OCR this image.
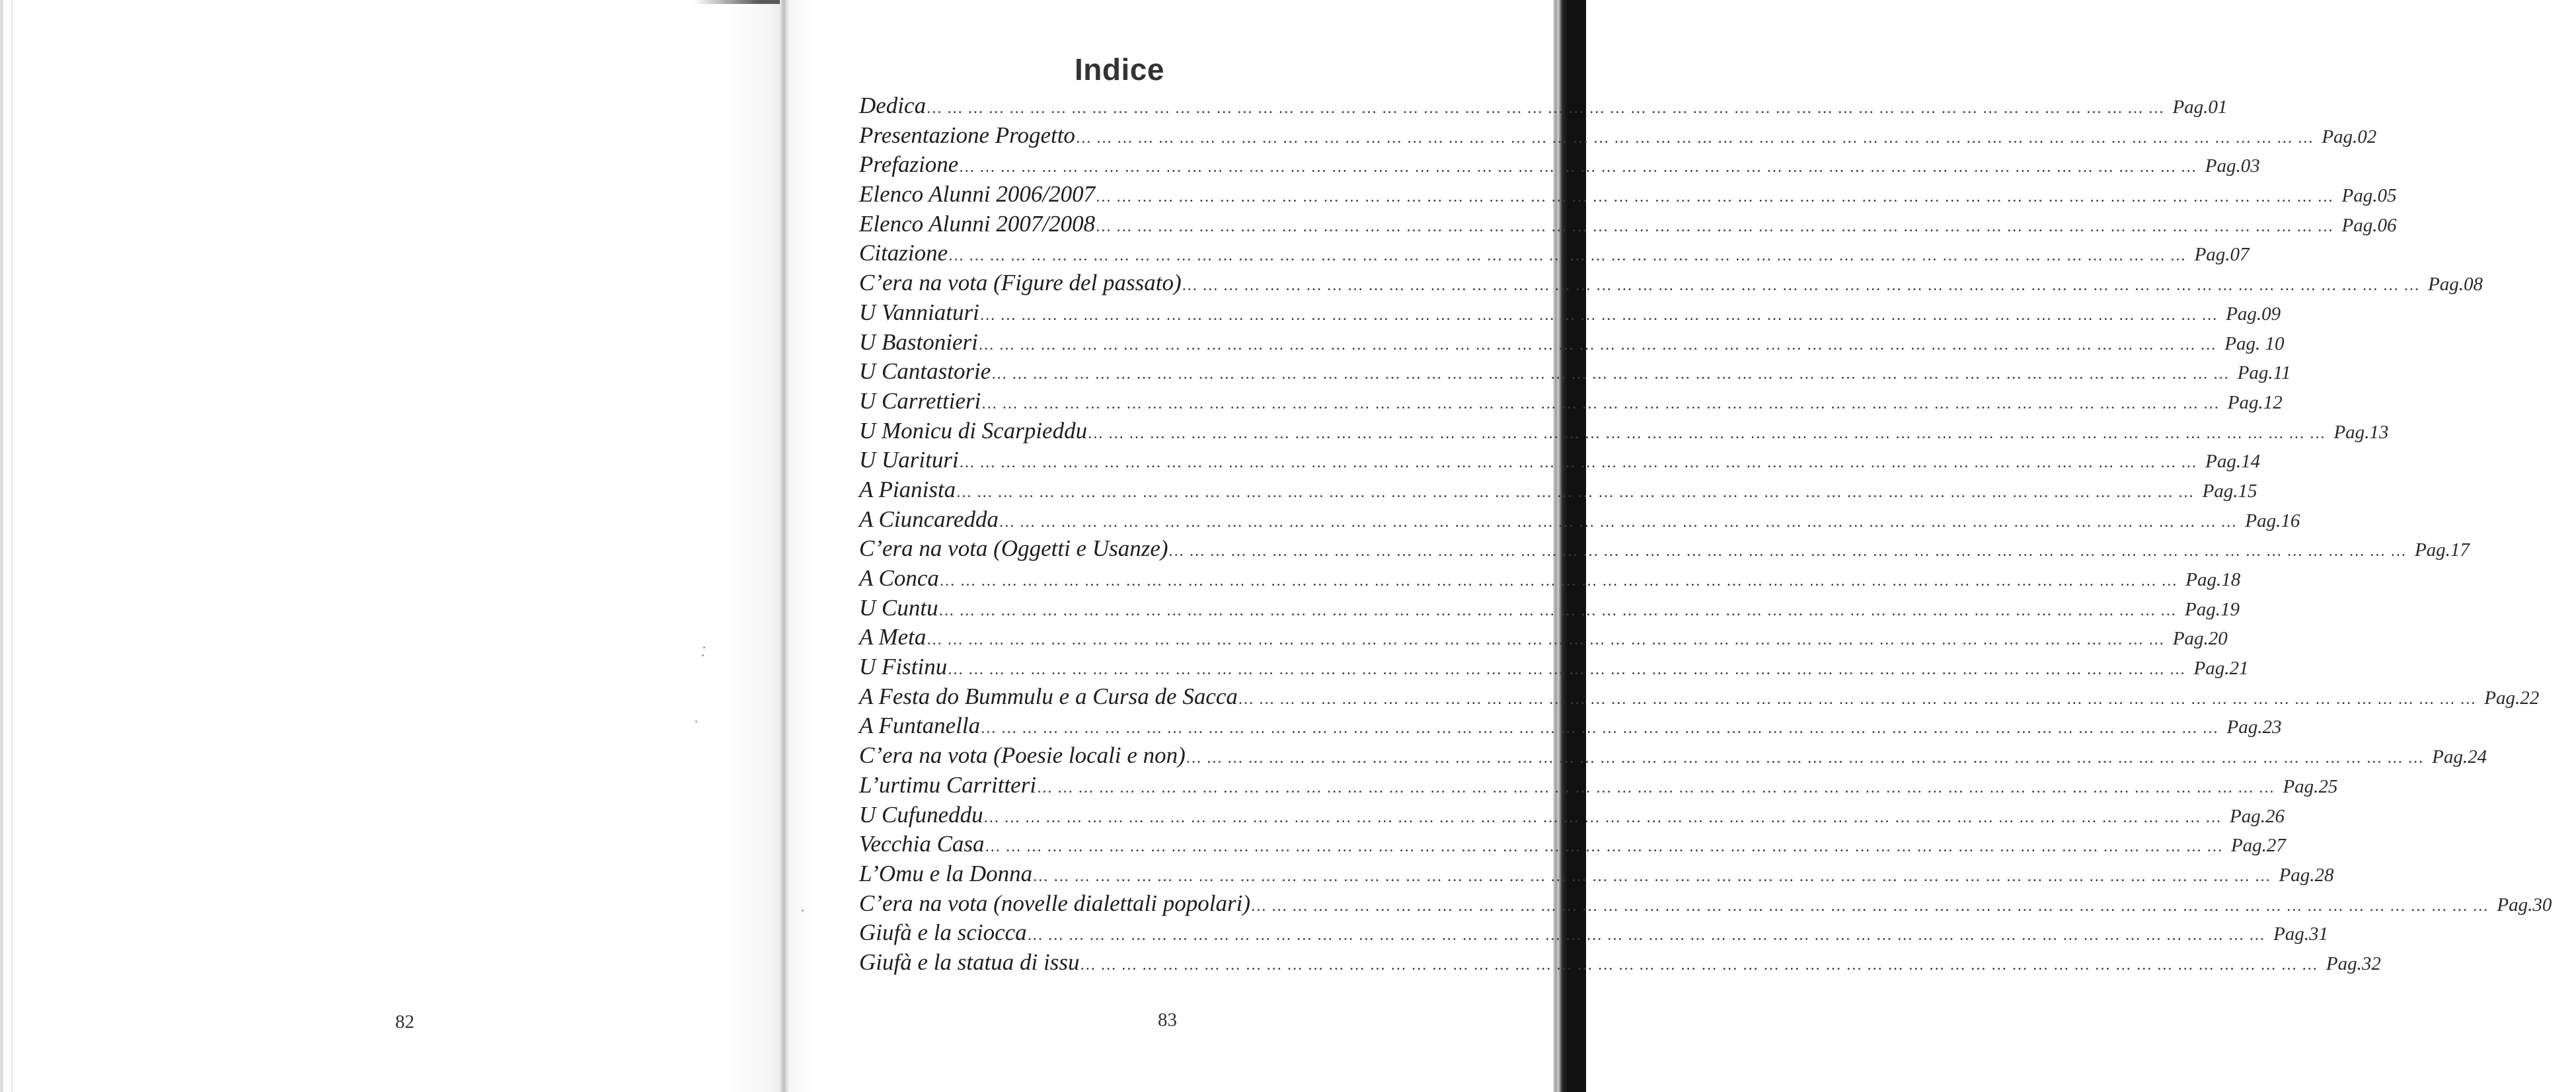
Indice
Dedica … … … … … … … … … … … … … … … … … … … … … … … … … … … … … … … … … … … … … … … … … … … … … … … … … … … … … … … … … … … … Pag.01
Presentazione Progetto … … … … … … … … … … … … … … … … … … … … … … … … … … … … … … … … … … … … … … … … … … … … … … … … … … … … … … … … … … … … Pag.02
Prefazione … … … … … … … … … … … … … … … … … … … … … … … … … … … … … … … … … … … … … … … … … … … … … … … … … … … … … … … … … … … … Pag.03
Elenco Alunni 2006/2007 … … … … … … … … … … … … … … … … … … … … … … … … … … … … … … … … … … … … … … … … … … … … … … … … … … … … … … … … … … … … Pag.05
Elenco Alunni 2007/2008 … … … … … … … … … … … … … … … … … … … … … … … … … … … … … … … … … … … … … … … … … … … … … … … … … … … … … … … … … … … … Pag.06
Citazione … … … … … … … … … … … … … … … … … … … … … … … … … … … … … … … … … … … … … … … … … … … … … … … … … … … … … … … … … … … … Pag.07
C’era na vota (Figure del passato) … … … … … … … … … … … … … … … … … … … … … … … … … … … … … … … … … … … … … … … … … … … … … … … … … … … … … … … … … … … … Pag.08
U Vanniaturi … … … … … … … … … … … … … … … … … … … … … … … … … … … … … … … … … … … … … … … … … … … … … … … … … … … … … … … … … … … … Pag.09
U Bastonieri … … … … … … … … … … … … … … … … … … … … … … … … … … … … … … … … … … … … … … … … … … … … … … … … … … … … … … … … … … … … Pag. 10
U Cantastorie … … … … … … … … … … … … … … … … … … … … … … … … … … … … … … … … … … … … … … … … … … … … … … … … … … … … … … … … … … … … Pag.11
U Carrettieri … … … … … … … … … … … … … … … … … … … … … … … … … … … … … … … … … … … … … … … … … … … … … … … … … … … … … … … … … … … … Pag.12
U Monicu di Scarpieddu … … … … … … … … … … … … … … … … … … … … … … … … … … … … … … … … … … … … … … … … … … … … … … … … … … … … … … … … … … … … Pag.13
U Uarituri … … … … … … … … … … … … … … … … … … … … … … … … … … … … … … … … … … … … … … … … … … … … … … … … … … … … … … … … … … … … Pag.14
A Pianista … … … … … … … … … … … … … … … … … … … … … … … … … … … … … … … … … … … … … … … … … … … … … … … … … … … … … … … … … … … … Pag.15
A Ciuncaredda … … … … … … … … … … … … … … … … … … … … … … … … … … … … … … … … … … … … … … … … … … … … … … … … … … … … … … … … … … … … Pag.16
C’era na vota (Oggetti e Usanze) … … … … … … … … … … … … … … … … … … … … … … … … … … … … … … … … … … … … … … … … … … … … … … … … … … … … … … … … … … … … Pag.17
A Conca … … … … … … … … … … … … … … … … … … … … … … … … … … … … … … … … … … … … … … … … … … … … … … … … … … … … … … … … … … … … Pag.18
U Cuntu … … … … … … … … … … … … … … … … … … … … … … … … … … … … … … … … … … … … … … … … … … … … … … … … … … … … … … … … … … … … Pag.19
A Meta … … … … … … … … … … … … … … … … … … … … … … … … … … … … … … … … … … … … … … … … … … … … … … … … … … … … … … … … … … … … Pag.20
U Fistinu … … … … … … … … … … … … … … … … … … … … … … … … … … … … … … … … … … … … … … … … … … … … … … … … … … … … … … … … … … … … Pag.21
A Festa do Bummulu e a Cursa de Sacca … … … … … … … … … … … … … … … … … … … … … … … … … … … … … … … … … … … … … … … … … … … … … … … … … … … … … … … … … … … … Pag.22
A Funtanella … … … … … … … … … … … … … … … … … … … … … … … … … … … … … … … … … … … … … … … … … … … … … … … … … … … … … … … … … … … … Pag.23
C’era na vota (Poesie locali e non) … … … … … … … … … … … … … … … … … … … … … … … … … … … … … … … … … … … … … … … … … … … … … … … … … … … … … … … … … … … … Pag.24
L’urtimu Carritteri … … … … … … … … … … … … … … … … … … … … … … … … … … … … … … … … … … … … … … … … … … … … … … … … … … … … … … … … … … … … Pag.25
U Cufuneddu … … … … … … … … … … … … … … … … … … … … … … … … … … … … … … … … … … … … … … … … … … … … … … … … … … … … … … … … … … … … Pag.26
Vecchia Casa … … … … … … … … … … … … … … … … … … … … … … … … … … … … … … … … … … … … … … … … … … … … … … … … … … … … … … … … … … … … Pag.27
L’Omu e la Donna … … … … … … … … … … … … … … … … … … … … … … … … … … … … … … … … … … … … … … … … … … … … … … … … … … … … … … … … … … … … Pag.28
C’era na vota (novelle dialettali popolari) … … … … … … … … … … … … … … … … … … … … … … … … … … … … … … … … … … … … … … … … … … … … … … … … … … … … … … … … … … … … Pag.30
Giufà e la sciocca … … … … … … … … … … … … … … … … … … … … … … … … … … … … … … … … … … … … … … … … … … … … … … … … … … … … … … … … … … … … Pag.31
Giufà e la statua di issu … … … … … … … … … … … … … … … … … … … … … … … … … … … … … … … … … … … … … … … … … … … … … … … … … … … … … … … … … … … … Pag.32
82	83
